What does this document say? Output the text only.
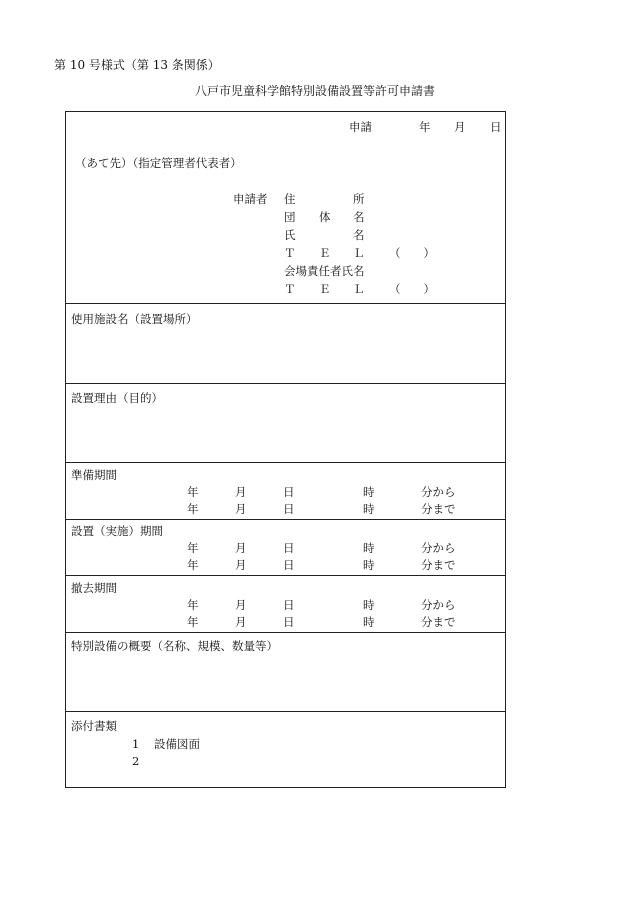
第 10 号様式（第 13 条関係）
八戸市児童科学館特別設備設置等許可申請書
申請	年 月 日
（あて先）（指定管理者代表者）
申請者 住	所
団 体 名
氏	名
Ｔ Ｅ Ｌ （　　）
会場責任者氏名
Ｔ Ｅ Ｌ （　　）
使用施設名（設置場所）
設置理由（目的）
準備期間
年	月	日	時	分から
年	月	日	時	分まで
設置（実施）期間
年	月	日	時	分から
年	月	日	時	分まで
撤去期間
年	月	日	時	分から
年	月	日	時	分まで
特別設備の概要（名称、規模、数量等）
添付書類
1 設備図面
2
